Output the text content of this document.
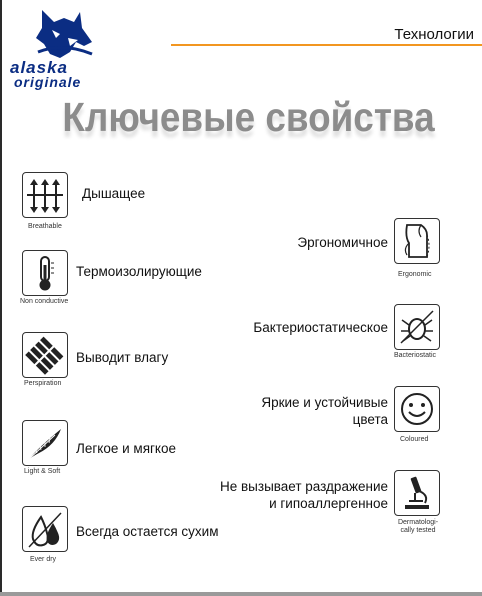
alaska
originale
Технологии
Ключевые свойства
Breathable
Дышащее
Non conductive
Термоизолирующие
Perspiration
Выводит влагу
Light & Soft
Легкое и мягкое
Ever dry
Всегда остается сухим
Эргономичное
Ergonomic
Бактериостатическое
Bacteriostatic
Яркие и устойчивые
цвета
Coloured
Не вызывает раздражение
и гипоаллергенное
Dermatologi-
cally tested
